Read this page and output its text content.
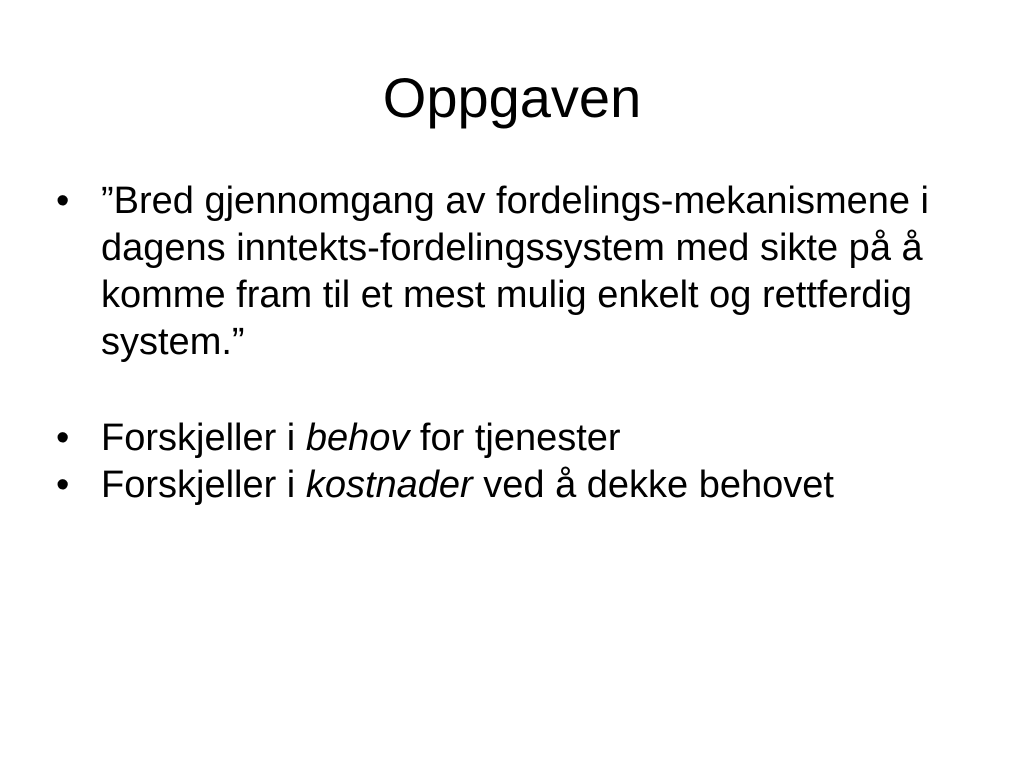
Oppgaven
• ”Bred gjennomgang av fordelings-mekanismene i dagens inntekts-fordelingssystem med sikte på å komme fram til et mest mulig enkelt og rettferdig system.”
• Forskjeller i behov for tjenester
• Forskjeller i kostnader ved å dekke behovet
